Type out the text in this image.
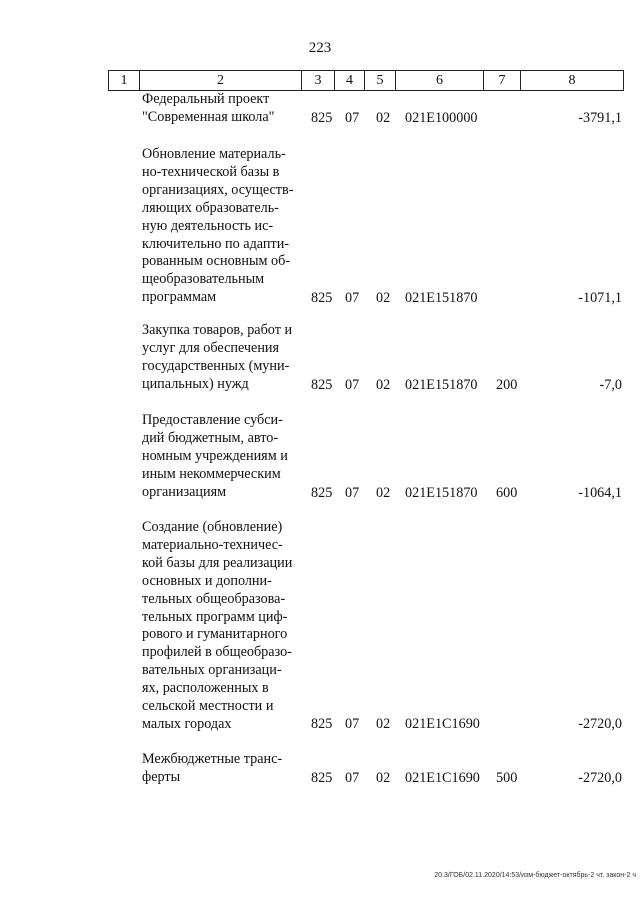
223
1	2	3	4	5	6	7	8
Федеральный проект
"Современная школа"	825 07 02 021E100000	-3791,1
Обновление материаль-
но-технической базы в
организациях, осуществ-
ляющих образователь-
ную деятельность ис-
ключительно по адапти-
рованным основным об-
щеобразовательным
программам	825 07 02 021E151870	-1071,1
Закупка товаров, работ и
услуг для обеспечения
государственных (муни-
ципальных) нужд	825 07 02 021E151870 200	-7,0
Предоставление субси-
дий бюджетным, авто-
номным учреждениям и
иным некоммерческим
организациям	825 07 02 021E151870 600	-1064,1
Создание (обновление)
материально-техничес-
кой базы для реализации
основных и дополни-
тельных общеобразова-
тельных программ циф-
рового и гуманитарного
профилей в общеобразо-
вательных организаци-
ях, расположенных в
сельской местности и
малых городах	825 07 02 021E1C1690	-2720,0
Межбюджетные транс-
ферты	825 07 02 021E1C1690 500	-2720,0
20.3/ГОБ/02.11.2020/14:53/изм-бюджет-октябрь-2 чт. закон-2 ч
